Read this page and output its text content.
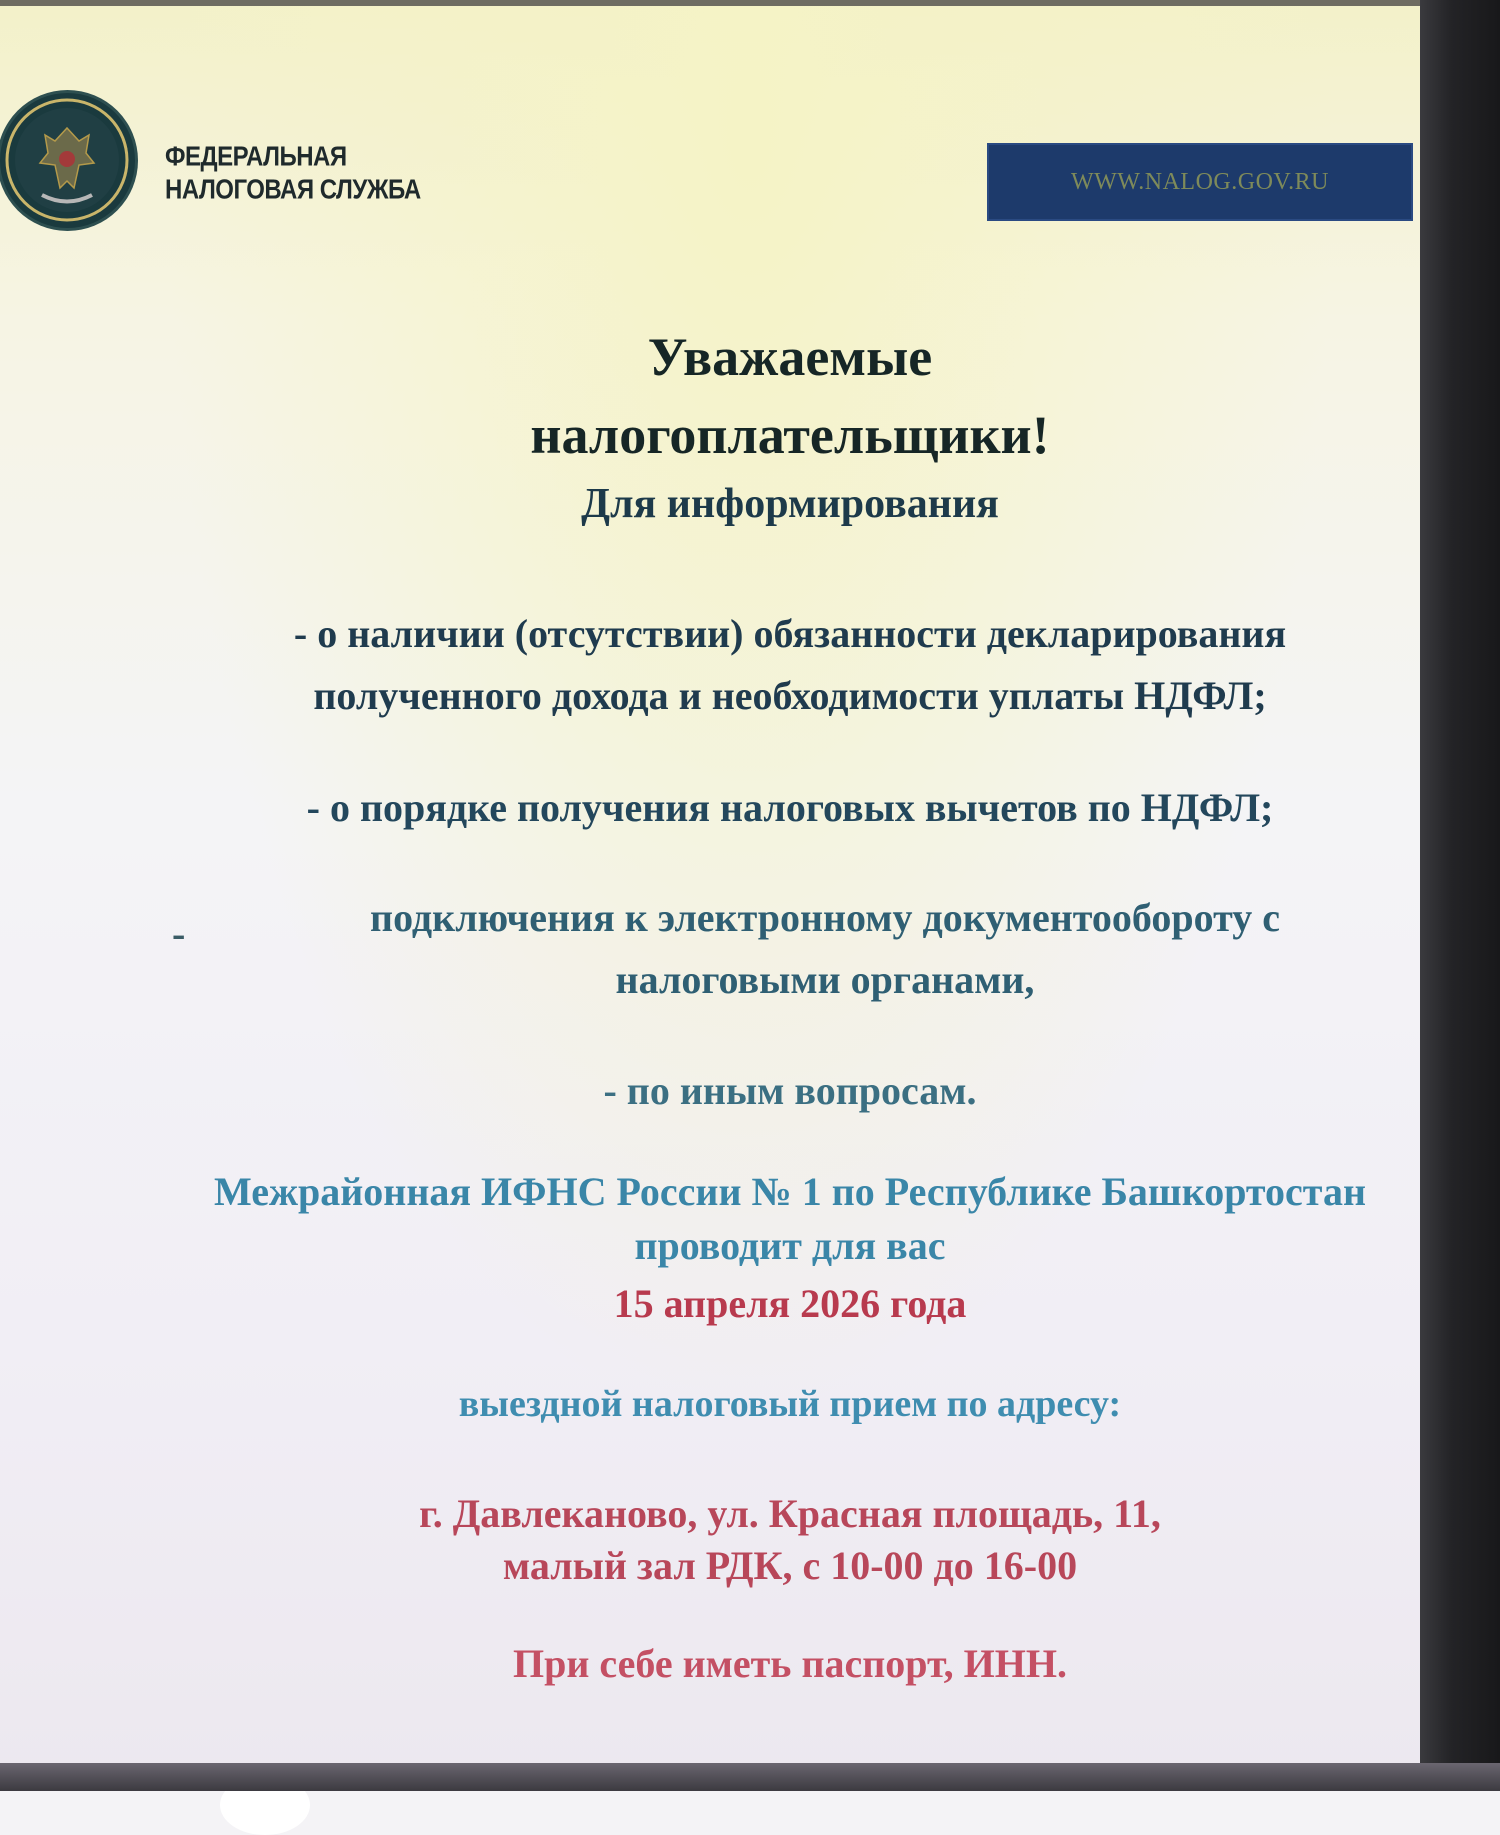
ФЕДЕРАЛЬНАЯ
НАЛОГОВАЯ СЛУЖБА	WWW.NALOG.GOV.RU
Уважаемые
налогоплательщики!
Для информирования
- о наличии (отсутствии) обязанности декларирования
полученного дохода и необходимости уплаты НДФЛ;
- о порядке получения налоговых вычетов по НДФЛ;
-	подключения к электронному документообороту с
налоговыми органами,
- по иным вопросам.
Межрайонная ИФНС России № 1 по Республике Башкортостан
проводит для вас
15 апреля 2026 года
выездной налоговый прием по адресу:
г. Давлеканово, ул. Красная площадь, 11,
малый зал РДК, с 10-00 до 16-00
При себе иметь паспорт, ИНН.
